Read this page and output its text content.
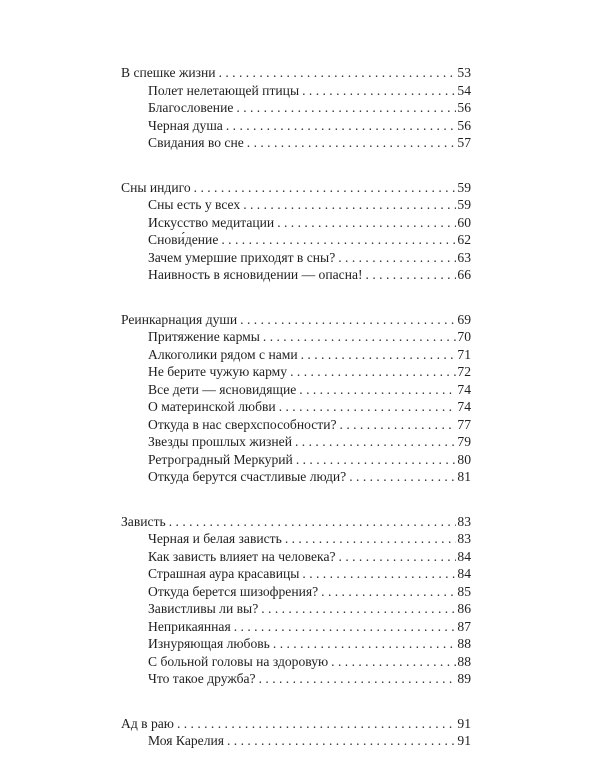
В спешке жизни . . .	53
Полет нелетающей птицы . . .	54
Благословение . . .	56
Черная душа . . .	56
Свидания во сне . . .	57
Сны индиго . . .	59
Сны есть у всех . . .	59
Искусство медитации . . .	60
Снови́дение . . .	62
Зачем умершие приходят в сны? . . .	63
Наивность в ясновидении — опасна! . . .	66
Реинкарнация души . . .	69
Притяжение кармы . . .	70
Алкоголики рядом с нами . . .	71
Не берите чужую карму . . .	72
Все дети — ясновидящие . . .	74
О материнской любви . . .	74
Откуда в нас сверхспособности? . . .	77
Звезды прошлых жизней . . .	79
Ретроградный Меркурий . . .	80
Откуда берутся счастливые люди? . . .	81
Зависть . . .	83
Черная и белая зависть . . .	83
Как зависть влияет на человека? . . .	84
Страшная аура красавицы . . .	84
Откуда берется шизофрения? . . .	85
Завистливы ли вы? . . .	86
Неприкаянная . . .	87
Изнуряющая любовь . . .	88
С больной головы на здоровую . . .	88
Что такое дружба? . . .	89
Ад в раю . . .	91
Моя Карелия . . .	91
